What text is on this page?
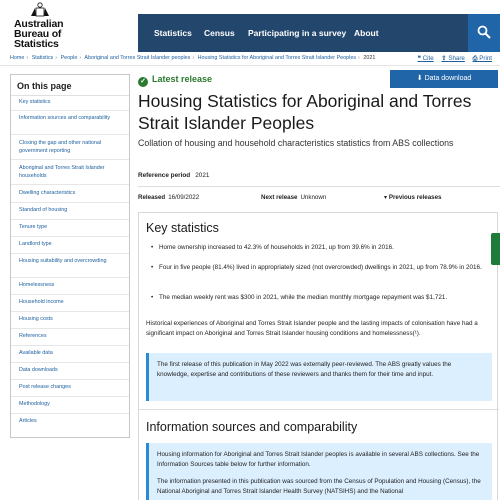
Australian
Bureau of
Statistics
Statistics Census Participating in a survey About
Home › Statistics › People › Aboriginal and Torres Strait Islander peoples › Housing Statistics for Aboriginal and Torres Strait Islander Peoples › 2021	❝ Cite ⇪ Share ⎙ Print
On this page
Key statistics
Information sources and comparability
Closing the gap and other national government reporting
Aboriginal and Torres Strait Islander households
Dwelling characteristics
Standard of housing
Tenure type
Landlord type
Housing suitability and overcrowding
Homelessness
Household income
Housing costs
References
Available data
Data downloads
Post release changes
Methodology
Articles
✓ Latest release	⬇ Data download
Housing Statistics for Aboriginal and Torres Strait Islander Peoples
Collation of housing and household characteristics statistics from ABS collections
Reference period 2021
Released 16/09/2022	Next release Unknown	▾ Previous releases
Key statistics
• Home ownership increased to 42.3% of households in 2021, up from 39.6% in 2016.
• Four in five people (81.4%) lived in appropriately sized (not overcrowded) dwellings in 2021, up from 78.9% in 2016.
• The median weekly rent was $300 in 2021, while the median monthly mortgage repayment was $1,721.
Historical experiences of Aboriginal and Torres Strait Islander people and the lasting impacts of colonisation have had a significant impact on Aboriginal and Torres Strait Islander housing conditions and homelessness(¹).
The first release of this publication in May 2022 was externally peer-reviewed. The ABS greatly values the knowledge, expertise and contributions of these reviewers and thanks them for their time and input.
Information sources and comparability
Housing information for Aboriginal and Torres Strait Islander peoples is available in several ABS collections. See the Information Sources table below for further information.
The information presented in this publication was sourced from the Census of Population and Housing (Census), the National Aboriginal and Torres Strait Islander Health Survey (NATSIHS) and the National
